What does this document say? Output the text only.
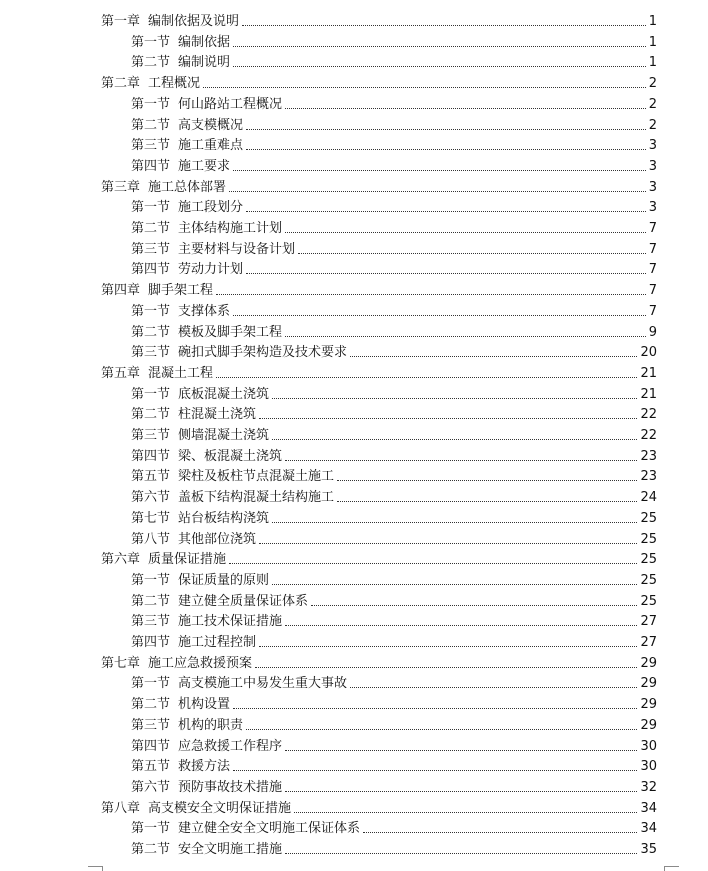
第一章 编制依据及说明	1
第一节 编制依据	1
第二节 编制说明	1
第二章 工程概况	2
第一节 何山路站工程概况	2
第二节 高支模概况	2
第三节 施工重难点	3
第四节 施工要求	3
第三章 施工总体部署	3
第一节 施工段划分	3
第二节 主体结构施工计划	7
第三节 主要材料与设备计划	7
第四节 劳动力计划	7
第四章 脚手架工程	7
第一节 支撑体系	7
第二节 模板及脚手架工程	9
第三节 碗扣式脚手架构造及技术要求	20
第五章 混凝土工程	21
第一节 底板混凝土浇筑	21
第二节 柱混凝土浇筑	22
第三节 侧墙混凝土浇筑	22
第四节 梁、板混凝土浇筑	23
第五节 梁柱及板柱节点混凝土施工	23
第六节 盖板下结构混凝土结构施工	24
第七节 站台板结构浇筑	25
第八节 其他部位浇筑	25
第六章 质量保证措施	25
第一节 保证质量的原则	25
第二节 建立健全质量保证体系	25
第三节 施工技术保证措施	27
第四节 施工过程控制	27
第七章 施工应急救援预案	29
第一节 高支模施工中易发生重大事故	29
第二节 机构设置	29
第三节 机构的职责	29
第四节 应急救援工作程序	30
第五节 救援方法	30
第六节 预防事故技术措施	32
第八章 高支模安全文明保证措施	34
第一节 建立健全安全文明施工保证体系	34
第二节 安全文明施工措施	35
